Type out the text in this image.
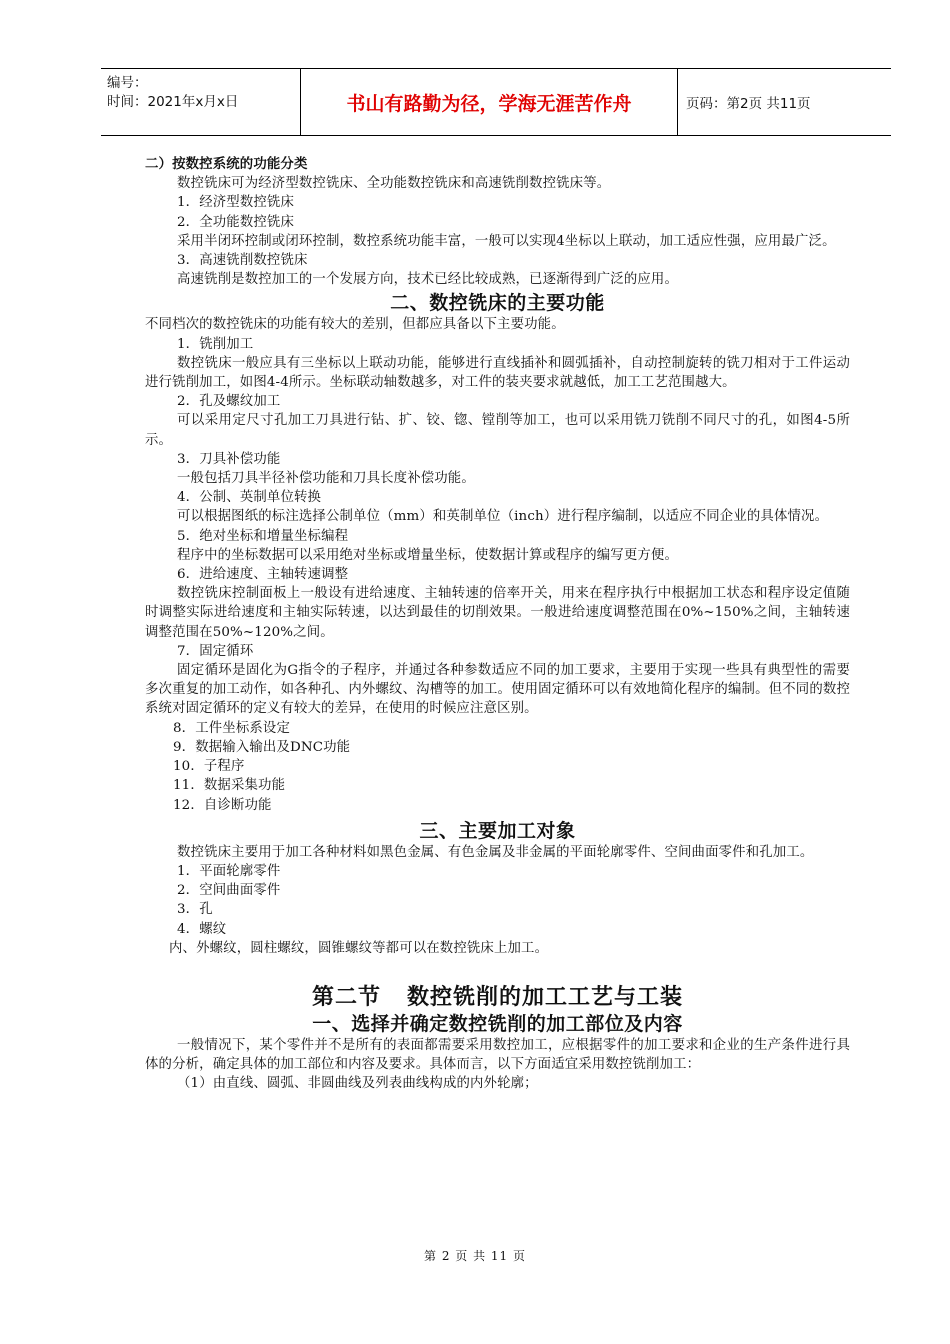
编号：
时间：2021年x月x日	书山有路勤为径，学海无涯苦作舟	页码：第2页 共11页
二）按数控系统的功能分类
数控铣床可为经济型数控铣床、全功能数控铣床和高速铣削数控铣床等。
1．经济型数控铣床
2．全功能数控铣床
采用半闭环控制或闭环控制，数控系统功能丰富，一般可以实现4坐标以上联动，加工适应性强，应用最广泛。
3．高速铣削数控铣床
高速铣削是数控加工的一个发展方向，技术已经比较成熟，已逐渐得到广泛的应用。
二、数控铣床的主要功能
不同档次的数控铣床的功能有较大的差别，但都应具备以下主要功能。
1．铣削加工
数控铣床一般应具有三坐标以上联动功能，能够进行直线插补和圆弧插补，自动控制旋转的铣刀相对于工件运动进行铣削加工，如图4-4所示。坐标联动轴数越多，对工件的装夹要求就越低，加工工艺范围越大。
2．孔及螺纹加工
可以采用定尺寸孔加工刀具进行钻、扩、铰、锪、镗削等加工，也可以采用铣刀铣削不同尺寸的孔，如图4-5所示。
3．刀具补偿功能
一般包括刀具半径补偿功能和刀具长度补偿功能。
4．公制、英制单位转换
可以根据图纸的标注选择公制单位（mm）和英制单位（inch）进行程序编制，以适应不同企业的具体情况。
5．绝对坐标和增量坐标编程
程序中的坐标数据可以采用绝对坐标或增量坐标，使数据计算或程序的编写更方便。
6．进给速度、主轴转速调整
数控铣床控制面板上一般设有进给速度、主轴转速的倍率开关，用来在程序执行中根据加工状态和程序设定值随时调整实际进给速度和主轴实际转速，以达到最佳的切削效果。一般进给速度调整范围在0%~150%之间，主轴转速调整范围在50%~120%之间。
7．固定循环
固定循环是固化为G指令的子程序，并通过各种参数适应不同的加工要求，主要用于实现一些具有典型性的需要多次重复的加工动作，如各种孔、内外螺纹、沟槽等的加工。使用固定循环可以有效地简化程序的编制。但不同的数控系统对固定循环的定义有较大的差异，在使用的时候应注意区别。
8．工件坐标系设定
9．数据输入输出及DNC功能
10．子程序
11．数据采集功能
12．自诊断功能
三、主要加工对象
数控铣床主要用于加工各种材料如黑色金属、有色金属及非金属的平面轮廓零件、空间曲面零件和孔加工。
1．平面轮廓零件
2．空间曲面零件
3．孔
4．螺纹
内、外螺纹，圆柱螺纹，圆锥螺纹等都可以在数控铣床上加工。
第二节   数控铣削的加工工艺与工装
一、选择并确定数控铣削的加工部位及内容
一般情况下，某个零件并不是所有的表面都需要采用数控加工，应根据零件的加工要求和企业的生产条件进行具体的分析，确定具体的加工部位和内容及要求。具体而言，以下方面适宜采用数控铣削加工：
（1）由直线、圆弧、非圆曲线及列表曲线构成的内外轮廓；
第 2 页 共 11 页
